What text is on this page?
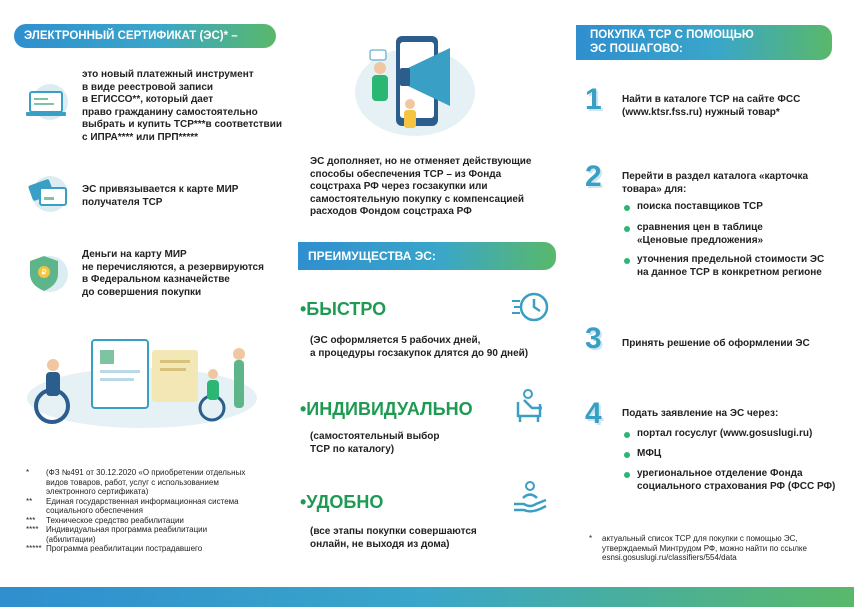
ЭЛЕКТРОННЫЙ СЕРТИФИКАТ (ЭС)* –
это новый платежный инструмент
в виде реестровой записи
в ЕГИССО**, который дает
право гражданину самостоятельно
выбрать и купить ТСР***в соответствии
с ИПРА**** или ПРП*****
ЭС привязывается к карте МИР
получателя ТСР
₽
Деньги на карту МИР
не перечисляются, а резервируются
в Федеральном казначействе
до совершения покупки
*
**
***
****
*****
(ФЗ №491 от 30.12.2020 «О приобретении отдельных
видов товаров, работ, услуг с использованием
электронного сертификата)
Единая государственная информационная система
социального обеспечения
Техническое средство реабилитации
Индивидуальная программа реабилитации
(абилитации)
Программа реабилитации пострадавшего
ЭС дополняет, но не отменяет действующие
способы обеспечения ТСР – из Фонда
соцстраха РФ через госзакупки или
самостоятельную покупку с компенсацией
расходов Фондом соцстраха РФ
ПРЕИМУЩЕСТВА ЭС:
•БЫСТРО
(ЭС оформляется 5 рабочих дней,
а процедуры госзакупок длятся до 90 дней)
•ИНДИВИДУАЛЬНО
(самостоятельный выбор
ТСР по каталогу)
•УДОБНО
(все этапы покупки совершаются
онлайн, не выходя из дома)
ПОКУПКА ТСР С ПОМОЩЬЮ
ЭС ПОШАГОВО:
1 Найти в каталоге ТСР на сайте ФСС
(www.ktsr.fss.ru) нужный товар*
2 Перейти в раздел каталога «карточка
товара» для:
поиска поставщиков ТСР
сравнения цен в таблице
«Ценовые предложения»
уточнения предельной стоимости ЭС
на данное ТСР в конкретном регионе
3 Принять решение об оформлении ЭС
4 Подать заявление на ЭС через:
портал госуслуг (www.gosuslugi.ru)
МФЦ
урегиональное отделение Фонда
социального страхования РФ (ФСС РФ)
* актуальный список ТСР для покупки с помощью ЭС,
утверждаемый Минтрудом РФ, можно найти по ссылке
esnsi.gosuslugi.ru/classifiers/554/data
